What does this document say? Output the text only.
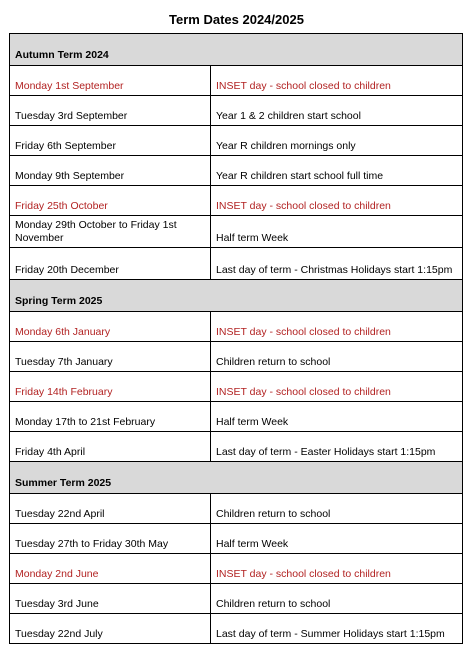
Term Dates 2024/2025
Autumn Term 2024	
Monday 1st September	INSET day - school closed to children
Tuesday 3rd September	Year 1 & 2 children start school
Friday 6th September	Year R children mornings only
Monday 9th September	Year R children start school full time
Friday 25th October	INSET day - school closed to children
Monday 29th October to Friday 1st November	Half term Week
Friday 20th December	Last day of term - Christmas Holidays start 1:15pm
Spring Term 2025	
Monday 6th January	INSET day - school closed to children
Tuesday 7th January	Children return to school
Friday 14th February	INSET day - school closed to children
Monday 17th to 21st February	Half term Week
Friday 4th April	Last day of term - Easter Holidays start 1:15pm
Summer Term 2025	
Tuesday 22nd April	Children return to school
Tuesday 27th to Friday 30th May	Half term Week
Monday 2nd June	INSET day - school closed to children
Tuesday 3rd June	Children return to school
Tuesday 22nd July	Last day of term - Summer Holidays start 1:15pm
